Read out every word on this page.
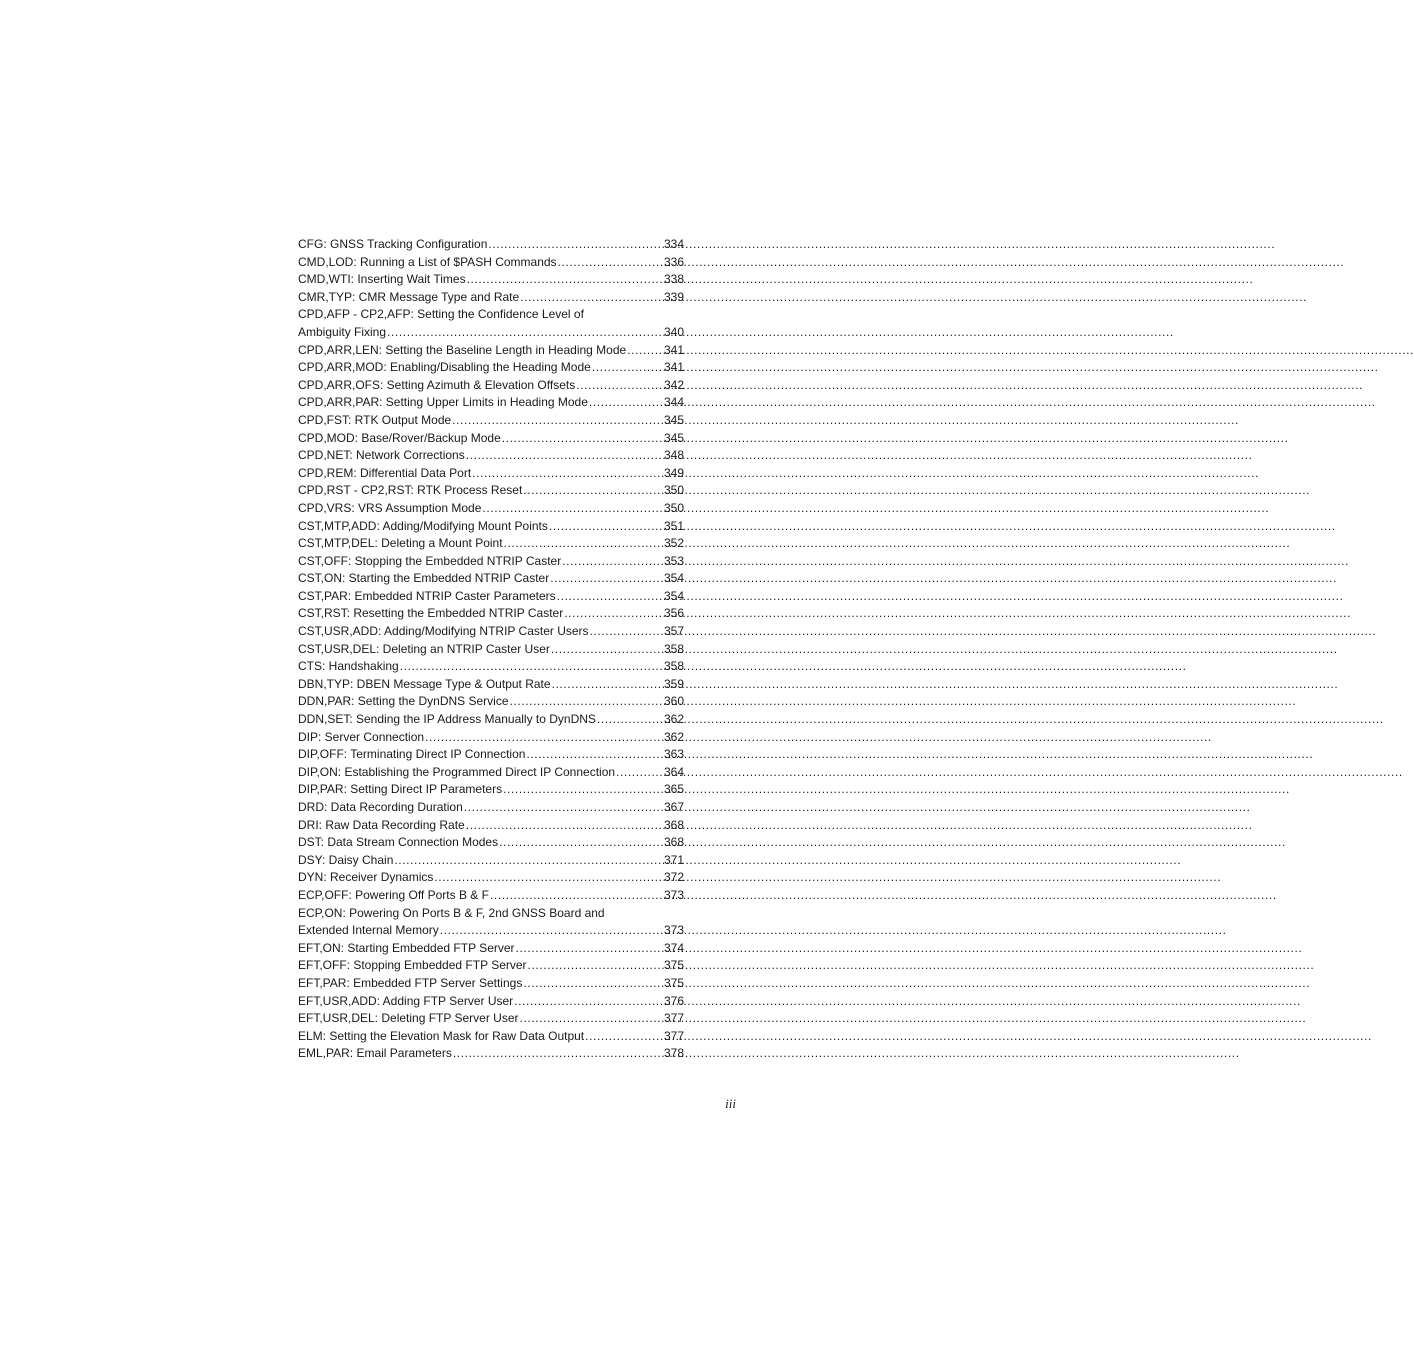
CFG: GNSS Tracking Configuration .....	334
CMD,LOD: Running a List of $PASH Commands .....	336
CMD,WTI: Inserting Wait Times .....	338
CMR,TYP: CMR Message Type and Rate .....	339
CPD,AFP - CP2,AFP: Setting the Confidence Level of
Ambiguity Fixing .....	340
CPD,ARR,LEN: Setting the Baseline Length in Heading Mode .....	341
CPD,ARR,MOD: Enabling/Disabling the Heading Mode .....	341
CPD,ARR,OFS: Setting Azimuth & Elevation Offsets .....	342
CPD,ARR,PAR: Setting Upper Limits in Heading Mode .....	344
CPD,FST: RTK Output Mode .....	345
CPD,MOD: Base/Rover/Backup Mode .....	345
CPD,NET: Network Corrections .....	348
CPD,REM: Differential Data Port .....	349
CPD,RST - CP2,RST: RTK Process Reset .....	350
CPD,VRS: VRS Assumption Mode .....	350
CST,MTP,ADD: Adding/Modifying Mount Points .....	351
CST,MTP,DEL: Deleting a Mount Point .....	352
CST,OFF: Stopping the Embedded NTRIP Caster .....	353
CST,ON: Starting the Embedded NTRIP Caster .....	354
CST,PAR: Embedded NTRIP Caster Parameters .....	354
CST,RST: Resetting the Embedded NTRIP Caster .....	356
CST,USR,ADD: Adding/Modifying NTRIP Caster Users .....	357
CST,USR,DEL: Deleting an NTRIP Caster User .....	358
CTS: Handshaking .....	358
DBN,TYP: DBEN Message Type & Output Rate .....	359
DDN,PAR: Setting the DynDNS Service .....	360
DDN,SET: Sending the IP Address Manually to DynDNS .....	362
DIP: Server Connection .....	362
DIP,OFF: Terminating Direct IP Connection .....	363
DIP,ON: Establishing the Programmed Direct IP Connection .....	364
DIP,PAR: Setting Direct IP Parameters .....	365
DRD: Data Recording Duration .....	367
DRI: Raw Data Recording Rate .....	368
DST: Data Stream Connection Modes .....	368
DSY: Daisy Chain .....	371
DYN: Receiver Dynamics .....	372
ECP,OFF: Powering Off Ports B & F .....	373
ECP,ON: Powering On Ports B & F, 2nd GNSS Board and
Extended Internal Memory .....	373
EFT,ON: Starting Embedded FTP Server .....	374
EFT,OFF: Stopping Embedded FTP Server .....	375
EFT,PAR: Embedded FTP Server Settings .....	375
EFT,USR,ADD: Adding FTP Server User .....	376
EFT,USR,DEL: Deleting FTP Server User .....	377
ELM: Setting the Elevation Mask for Raw Data Output .....	377
EML,PAR: Email Parameters .....	378
iii
